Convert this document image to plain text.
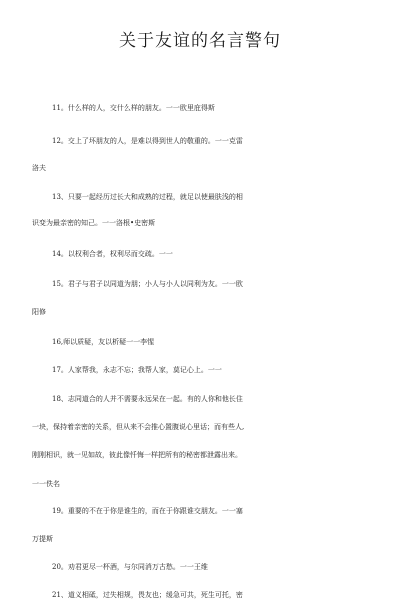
关于友谊的名言警句
11。什么样的人，交什么样的朋友。一一欧里庇得斯
12。交上了坏朋友的人，是难以得到世人的敬重的。一一克雷
洛夫
13、只要一起经历过长大和成熟的过程，就足以使最肤浅的相
识变为最亲密的知己。一一洛根•史密斯
14。以权利合者，权利尽而交疏。一一
15。君子与君子以同道为朋；小人与小人以同利为友。一一欧
阳修
16,师以质疑，友以析疑一一李惺
17。人家帮我，永志不忘；我帮人家，莫记心上。一一
18、志同道合的人并不需要永远呆在一起。有的人你和他长住
一块，保持着亲密的关系，但从来不会推心置腹说心里话；而有些人,
刚刚相识，就一见如故，彼此像忏悔一样把所有的秘密都泄露出来。
一一佚名
19。重要的不在于你是谁生的，而在于你跟谁交朋友。一一塞
万提斯
20。劝君更尽一杯酒，与尔同消万古愁。一一王维
21、道义相砥，过失相规，畏友也；缓急可共，死生可托，密
